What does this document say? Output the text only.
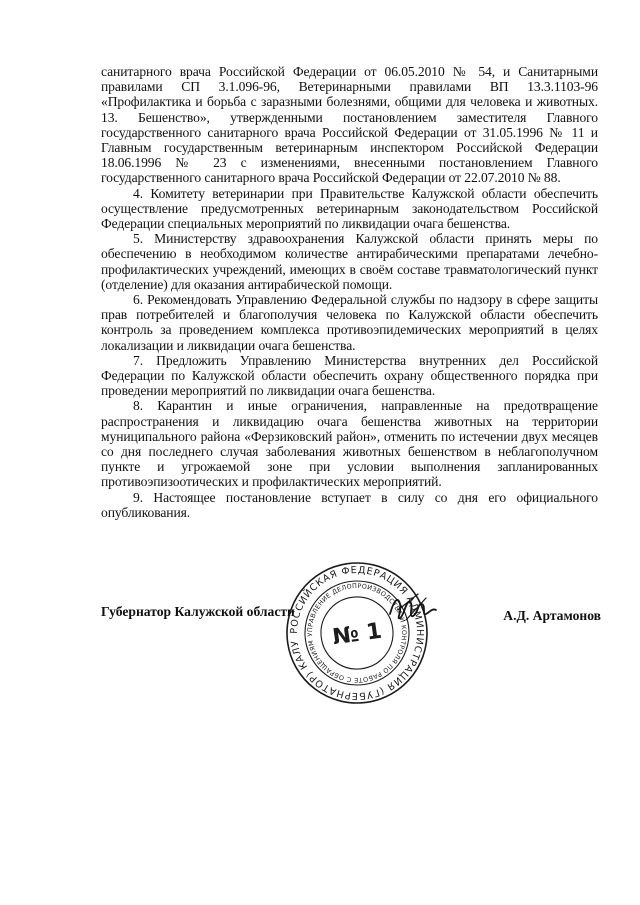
санитарного врача Российской Федерации от 06.05.2010 № 54, и Санитарными правилами СП 3.1.096-96, Ветеринарными правилами ВП 13.3.1103-96 «Профилактика и борьба с заразными болезнями, общими для человека и животных. 13. Бешенство», утвержденными постановлением заместителя Главного государственного санитарного врача Российской Федерации от 31.05.1996 № 11 и Главным государственным ветеринарным инспектором Российской Федерации 18.06.1996 № 23 с изменениями, внесенными постановлением Главного государственного санитарного врача Российской Федерации от 22.07.2010 № 88.

4. Комитету ветеринарии при Правительстве Калужской области обеспечить осуществление предусмотренных ветеринарным законодательством Российской Федерации специальных мероприятий по ликвидации очага бешенства.

5. Министерству здравоохранения Калужской области принять меры по обеспечению в необходимом количестве антирабическими препаратами лечебно-профилактических учреждений, имеющих в своём составе травматологический пункт (отделение) для оказания антирабической помощи.

6. Рекомендовать Управлению Федеральной службы по надзору в сфере защиты прав потребителей и благополучия человека по Калужской области обеспечить контроль за проведением комплекса противоэпидемических мероприятий в целях локализации и ликвидации очага бешенства.

7. Предложить Управлению Министерства внутренних дел Российской Федерации по Калужской области обеспечить охрану общественного порядка при проведении мероприятий по ликвидации очага бешенства.

8. Карантин и иные ограничения, направленные на предотвращение распространения и ликвидацию очага бешенства животных на территории муниципального района «Ферзиковский район», отменить по истечении двух месяцев со дня последнего случая заболевания животных бешенством в неблагополучном пункте и угрожаемой зоне при условии выполнения запланированных противоэпизоотических и профилактических мероприятий.

9. Настоящее постановление вступает в силу со дня его официального опубликования.

Губернатор Калужской области	А.Д. Артамонов
РОССИЙСКАЯ ФЕДЕРАЦИЯ АДМИНИСТРАЦИЯ (ГУБЕРНАТОР) КАЛУЖСКОЙ
УПРАВЛЕНИЕ ДЕЛОПРОИЗВОДСТВА И КОНТРОЛЯ ПО РАБОТЕ С ОБРАЩЕНИЯМИ
№ 1
